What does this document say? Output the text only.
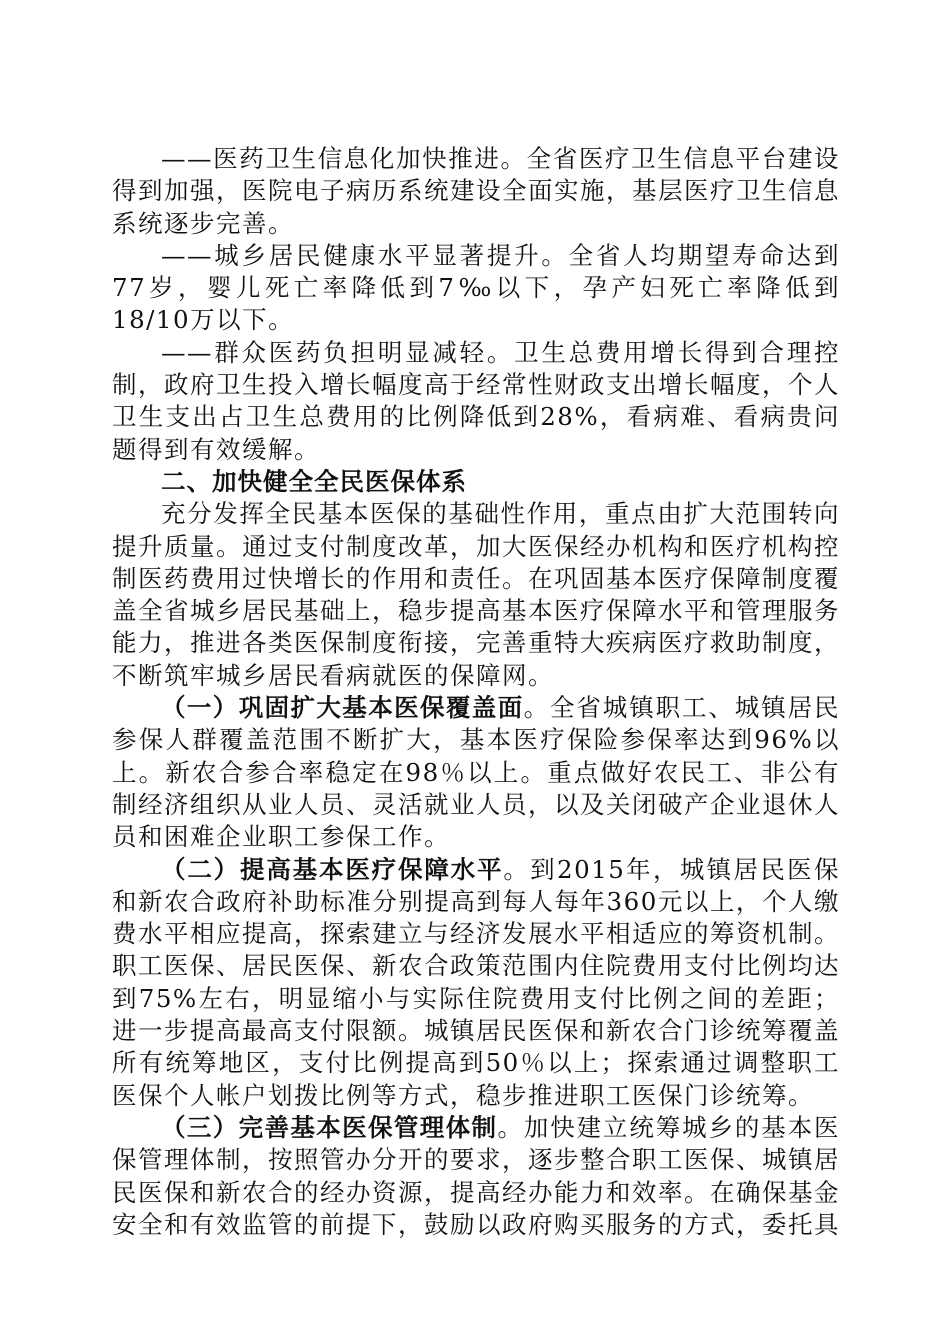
——医药卫生信息化加快推进。全省医疗卫生信息平台建设得到加强，医院电子病历系统建设全面实施，基层医疗卫生信息系统逐步完善。

——城乡居民健康水平显著提升。全省人均期望寿命达到77岁，婴儿死亡率降低到7‰以下，孕产妇死亡率降低到18/10万以下。

——群众医药负担明显减轻。卫生总费用增长得到合理控制，政府卫生投入增长幅度高于经常性财政支出增长幅度，个人卫生支出占卫生总费用的比例降低到28%，看病难、看病贵问题得到有效缓解。

二、加快健全全民医保体系

充分发挥全民基本医保的基础性作用，重点由扩大范围转向提升质量。通过支付制度改革，加大医保经办机构和医疗机构控制医药费用过快增长的作用和责任。在巩固基本医疗保障制度覆盖全省城乡居民基础上，稳步提高基本医疗保障水平和管理服务能力，推进各类医保制度衔接，完善重特大疾病医疗救助制度，不断筑牢城乡居民看病就医的保障网。

（一）巩固扩大基本医保覆盖面。全省城镇职工、城镇居民参保人群覆盖范围不断扩大，基本医疗保险参保率达到96%以上。新农合参合率稳定在98％以上。重点做好农民工、非公有制经济组织从业人员、灵活就业人员，以及关闭破产企业退休人员和困难企业职工参保工作。

（二）提高基本医疗保障水平。到2015年，城镇居民医保和新农合政府补助标准分别提高到每人每年360元以上，个人缴费水平相应提高，探索建立与经济发展水平相适应的筹资机制。职工医保、居民医保、新农合政策范围内住院费用支付比例均达到75%左右，明显缩小与实际住院费用支付比例之间的差距；进一步提高最高支付限额。城镇居民医保和新农合门诊统筹覆盖所有统筹地区，支付比例提高到50％以上；探索通过调整职工医保个人帐户划拨比例等方式，稳步推进职工医保门诊统筹。

（三）完善基本医保管理体制。加快建立统筹城乡的基本医保管理体制，按照管办分开的要求，逐步整合职工医保、城镇居民医保和新农合的经办资源，提高经办能力和效率。在确保基金安全和有效监管的前提下，鼓励以政府购买服务的方式，委托具
